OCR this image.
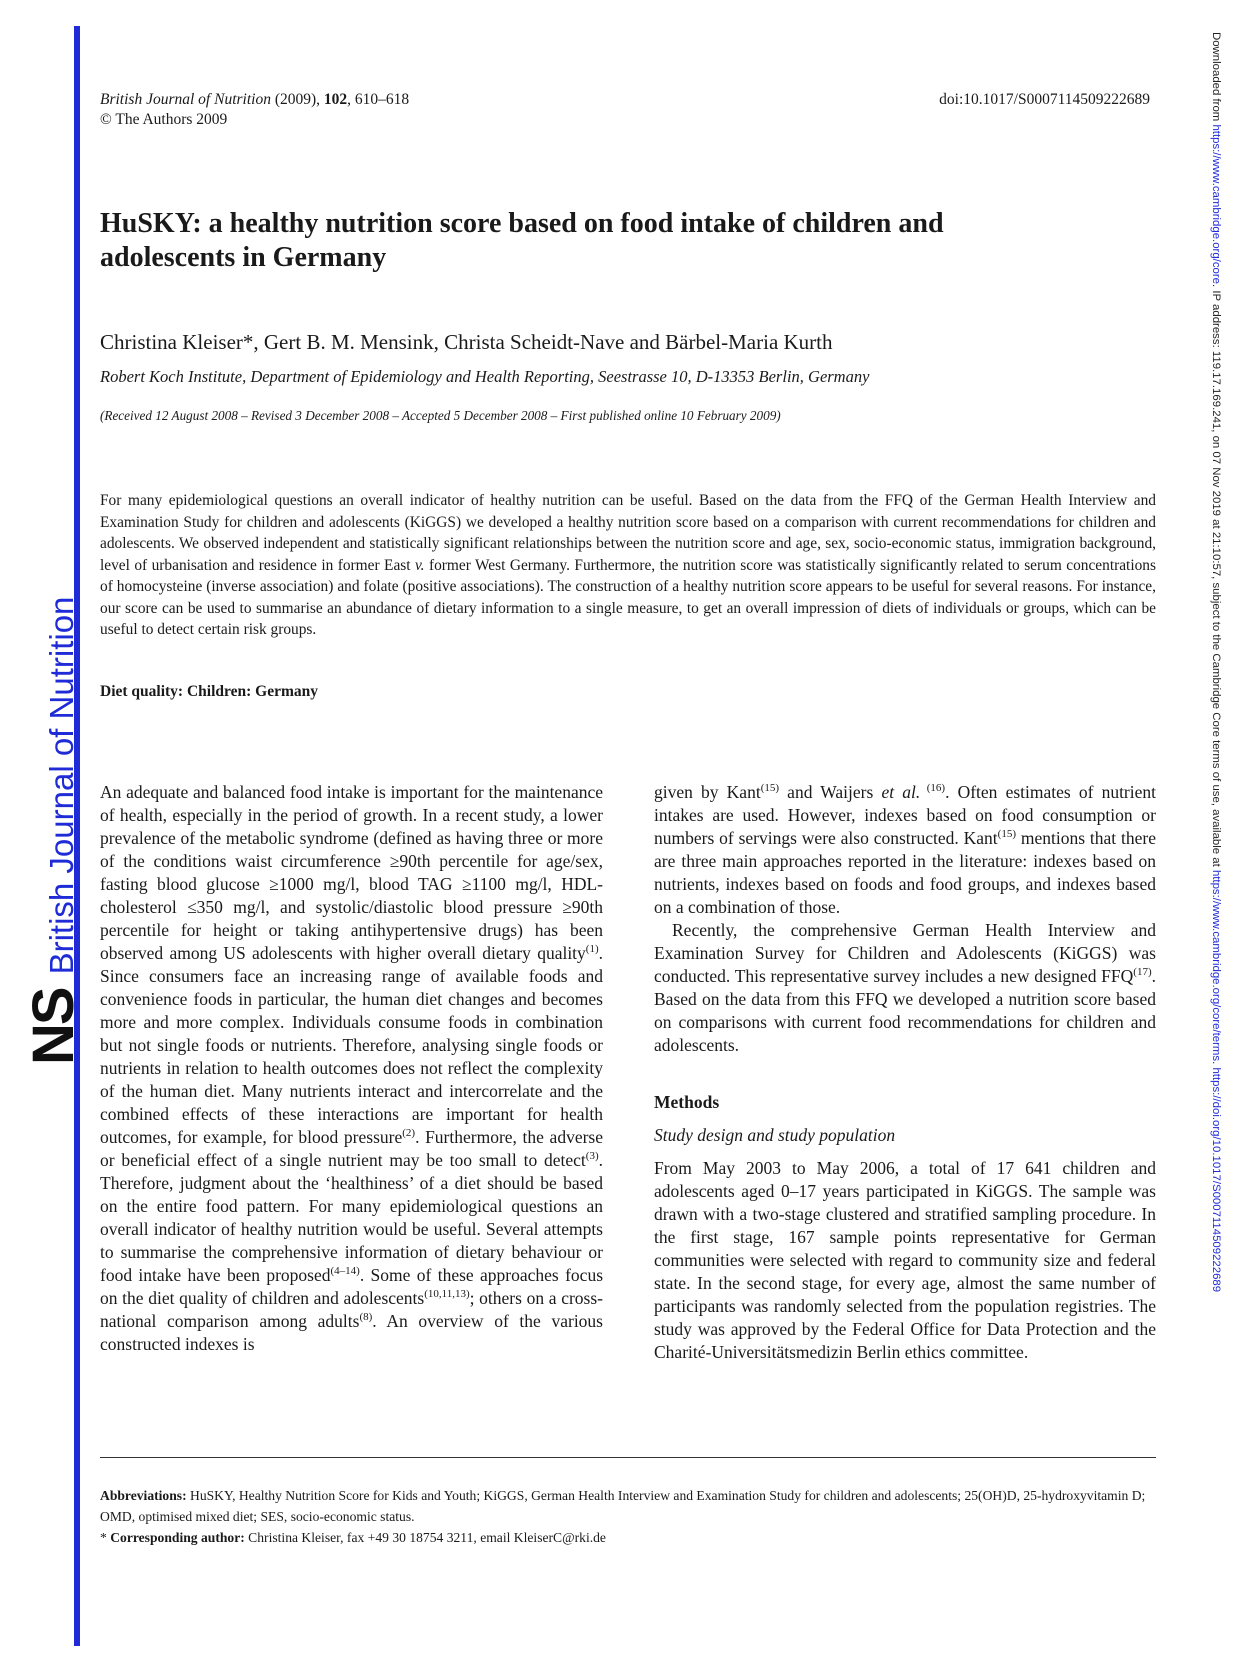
NSBritish Journal of Nutrition
Downloaded from https://www.cambridge.org/core. IP address: 119.17.169.241, on 07 Nov 2019 at 21:10:57, subject to the Cambridge Core terms of use, available at https://www.cambridge.org/core/terms. https://doi.org/10.1017/S0007114509222689
British Journal of Nutrition (2009), 102, 610–618
© The Authors 2009
doi:10.1017/S0007114509222689
HuSKY: a healthy nutrition score based on food intake of children and adolescents in Germany
Christina Kleiser*, Gert B. M. Mensink, Christa Scheidt-Nave and Bärbel-Maria Kurth
Robert Koch Institute, Department of Epidemiology and Health Reporting, Seestrasse 10, D-13353 Berlin, Germany
(Received 12 August 2008 – Revised 3 December 2008 – Accepted 5 December 2008 – First published online 10 February 2009)

For many epidemiological questions an overall indicator of healthy nutrition can be useful. Based on the data from the FFQ of the German Health Interview and Examination Study for children and adolescents (KiGGS) we developed a healthy nutrition score based on a comparison with current recommendations for children and adolescents. We observed independent and statistically significant relationships between the nutrition score and age, sex, socio-economic status, immigration background, level of urbanisation and residence in former East v. former West Germany. Furthermore, the nutrition score was statistically significantly related to serum concentrations of homocysteine (inverse association) and folate (positive associations). The construction of a healthy nutrition score appears to be useful for several reasons. For instance, our score can be used to summarise an abundance of dietary information to a single measure, to get an overall impression of diets of individuals or groups, which can be useful to detect certain risk groups.

Diet quality: Children: Germany

An adequate and balanced food intake is important for the maintenance of health, especially in the period of growth. In a recent study, a lower prevalence of the metabolic syndrome (defined as having three or more of the conditions waist circumference ≥90th percentile for age/sex, fasting blood glucose ≥1000 mg/l, blood TAG ≥1100 mg/l, HDL-cholesterol ≤350 mg/l, and systolic/diastolic blood pressure ≥90th percentile for height or taking antihypertensive drugs) has been observed among US adolescents with higher overall dietary quality$^{(1)}$. Since consumers face an increasing range of available foods and convenience foods in particular, the human diet changes and becomes more and more complex. Individuals consume foods in combination but not single foods or nutrients. Therefore, analysing single foods or nutrients in relation to health outcomes does not reflect the complexity of the human diet. Many nutrients interact and intercorrelate and the combined effects of these interactions are important for health outcomes, for example, for blood pressure$^{(2)}$. Furthermore, the adverse or beneficial effect of a single nutrient may be too small to detect$^{(3)}$. Therefore, judgment about the ‘healthiness’ of a diet should be based on the entire food pattern. For many epidemiological questions an overall indicator of healthy nutrition would be useful. Several attempts to summarise the comprehensive information of dietary behaviour or food intake have been proposed$^{(4-14)}$. Some of these approaches focus on the diet quality of children and adolescents$^{(10,11,13)}$; others on a cross-national comparison among adults$^{(8)}$. An overview of the various constructed indexes is

given by Kant$^{(15)}$ and Waijers et al. $^{(16)}$. Often estimates of nutrient intakes are used. However, indexes based on food consumption or numbers of servings were also constructed. Kant$^{(15)}$ mentions that there are three main approaches reported in the literature: indexes based on nutrients, indexes based on foods and food groups, and indexes based on a combination of those.

Recently, the comprehensive German Health Interview and Examination Survey for Children and Adolescents (KiGGS) was conducted. This representative survey includes a new designed FFQ$^{(17)}$. Based on the data from this FFQ we developed a nutrition score based on comparisons with current food recommendations for children and adolescents.

Methods
Study design and study population

From May 2003 to May 2006, a total of 17 641 children and adolescents aged 0–17 years participated in KiGGS. The sample was drawn with a two-stage clustered and stratified sampling procedure. In the first stage, 167 sample points representative for German communities were selected with regard to community size and federal state. In the second stage, for every age, almost the same number of participants was randomly selected from the population registries. The study was approved by the Federal Office for Data Protection and the Charité-Universitätsmedizin Berlin ethics committee.

Abbreviations: HuSKY, Healthy Nutrition Score for Kids and Youth; KiGGS, German Health Interview and Examination Study for children and adolescents; 25(OH)D, 25-hydroxyvitamin D; OMD, optimised mixed diet; SES, socio-economic status.

* Corresponding author: Christina Kleiser, fax +49 30 18754 3211, email KleiserC@rki.de
